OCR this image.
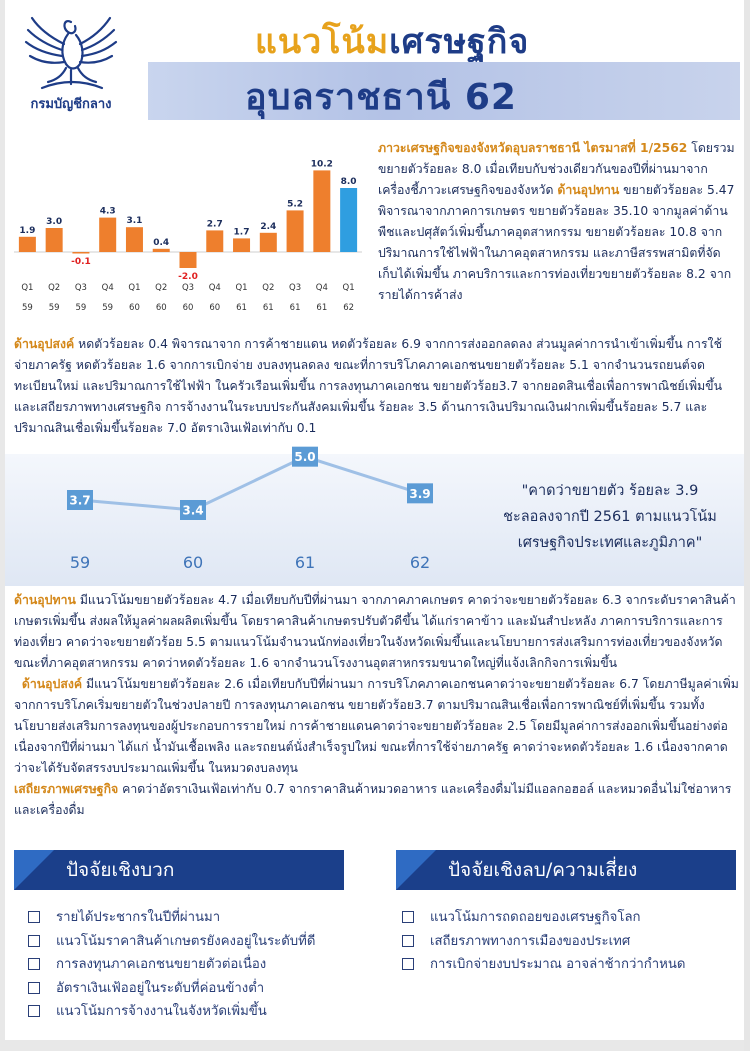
กรมบัญชีกลาง
แนวโน้มเศรษฐกิจ
อุบลราชธานี 62
1.9
Q1
59
3.0
Q2
59
-0.1
Q3
59
4.3
Q4
59
3.1
Q1
60
0.4
Q2
60
-2.0
Q3
60
2.7
Q4
60
1.7
Q1
61
2.4
Q2
61
5.2
Q3
61
10.2
Q4
61
8.0
Q1
62
ภาวะเศรษฐกิจของจังหวัดอุบลราชธานี ไตรมาสที่ 1/2562 โดยรวมขยายตัวร้อยละ 8.0 เมื่อเทียบกับช่วงเดียวกันของปีที่ผ่านมาจากเครื่องชี้ภาวะเศรษฐกิจของจังหวัด ด้านอุปทาน ขยายตัวร้อยละ 5.47 พิจารณาจากภาคการเกษตร ขยายตัวร้อยละ 35.10 จากมูลค่าด้านพืชและปศุสัตว์เพิ่มขึ้นภาคอุตสาหกรรม ขยายตัวร้อยละ 10.8 จากปริมาณการใช้ไฟฟ้าในภาคอุตสาหกรรม และภาษีสรรพสามิตที่จัดเก็บได้เพิ่มขึ้น ภาคบริการและการท่องเที่ยวขยายตัวร้อยละ 8.2 จากรายได้การค้าส่ง
ด้านอุปสงค์ หดตัวร้อยละ 0.4 พิจารณาจาก การค้าชายแดน หดตัวร้อยละ 6.9 จากการส่งออกลดลง ส่วนมูลค่าการนำเข้าเพิ่มขึ้น การใช้จ่ายภาครัฐ หดตัวร้อยละ 1.6 จากการเบิกจ่าย งบลงทุนลดลง ขณะที่การบริโภคภาคเอกชนขยายตัวร้อยละ 5.1 จากจำนวนรถยนต์จดทะเบียนใหม่ และปริมาณการใช้ไฟฟ้า ในครัวเรือนเพิ่มขึ้น การลงทุนภาคเอกชน ขยายตัวร้อย3.7 จากยอดสินเชื่อเพื่อการพาณิชย์เพิ่มขึ้น และเสถียรภาพทางเศรษฐกิจ การจ้างงานในระบบประกันสังคมเพิ่มขึ้น ร้อยละ 3.5 ด้านการเงินปริมาณเงินฝากเพิ่มขึ้นร้อยละ 5.7 และปริมาณสินเชื่อเพิ่มขึ้นร้อยละ 7.0 อัตราเงินเฟ้อเท่ากับ 0.1
3.7
59
3.4
60
5.0
61
3.9
62
"คาดว่าขยายตัว ร้อยละ 3.9
ชะลอลงจากปี 2561 ตามแนวโน้ม
เศรษฐกิจประเทศและภูมิภาค"
ด้านอุปทาน มีแนวโน้มขยายตัวร้อยละ 4.7 เมื่อเทียบกับปีที่ผ่านมา จากภาคภาคเกษตร คาดว่าจะขยายตัวร้อยละ 6.3 จากระดับราคาสินค้าเกษตรเพิ่มขึ้น ส่งผลให้มูลค่าผลผลิตเพิ่มขึ้น โดยราคาสินค้าเกษตรปรับตัวดีขึ้น ได้แก่ราคาข้าว และมันสำปะหลัง ภาคการบริการและการท่องเที่ยว คาดว่าจะขยายตัวร้อย 5.5 ตามแนวโน้มจำนวนนักท่องเที่ยวในจังหวัดเพิ่มขึ้นและนโยบายการส่งเสริมการท่องเที่ยวของจังหวัดขณะที่ภาคอุตสาหกรรม คาดว่าหดตัวร้อยละ 1.6 จากจำนวนโรงงานอุตสาหกรรมขนาดใหญ่ที่แจ้งเลิกกิจการเพิ่มขึ้น
ด้านอุปสงค์ มีแนวโน้มขยายตัวร้อยละ 2.6 เมื่อเทียบกับปีที่ผ่านมา การบริโภคภาคเอกชนคาดว่าจะขยายตัวร้อยละ 6.7 โดยภาษีมูลค่าเพิ่มจากการบริโภคเริ่มขยายตัวในช่วงปลายปี การลงทุนภาคเอกชน ขยายตัวร้อย3.7 ตามปริมาณสินเชื่อเพื่อการพาณิชย์ที่เพิ่มขึ้น รวมทั้งนโยบายส่งเสริมการลงทุนของผู้ประกอบการรายใหม่ การค้าชายแดนคาดว่าจะขยายตัวร้อยละ 2.5 โดยมีมูลค่าการส่งออกเพิ่มขึ้นอย่างต่อเนื่องจากปีที่ผ่านมา ได้แก่ น้ำมันเชื้อเพลิง และรถยนต์นั่งสำเร็จรูปใหม่ ขณะที่การใช้จ่ายภาครัฐ คาดว่าจะหดตัวร้อยละ 1.6 เนื่องจากคาดว่าจะได้รับจัดสรรงบประมาณเพิ่มขึ้น ในหมวดงบลงทุน
เสถียรภาพเศรษฐกิจ คาดว่าอัตราเงินเฟ้อเท่ากับ 0.7 จากราคาสินค้าหมวดอาหาร และเครื่องดื่มไม่มีแอลกอฮอล์ และหมวดอื่นไม่ใช่อาหาร และเครื่องดื่ม
ปัจจัยเชิงบวก
รายได้ประชากรในปีที่ผ่านมา
แนวโน้มราคาสินค้าเกษตรยังคงอยู่ในระดับที่ดี
การลงทุนภาคเอกชนขยายตัวต่อเนื่อง
อัตราเงินเฟ้ออยู่ในระดับที่ค่อนข้างต่ำ
แนวโน้มการจ้างงานในจังหวัดเพิ่มขึ้น
ปัจจัยเชิงลบ/ความเสี่ยง
แนวโน้มการถดถอยของเศรษฐกิจโลก
เสถียรภาพทางการเมืองของประเทศ
การเบิกจ่ายงบประมาณ อาจล่าช้ากว่ากำหนด
